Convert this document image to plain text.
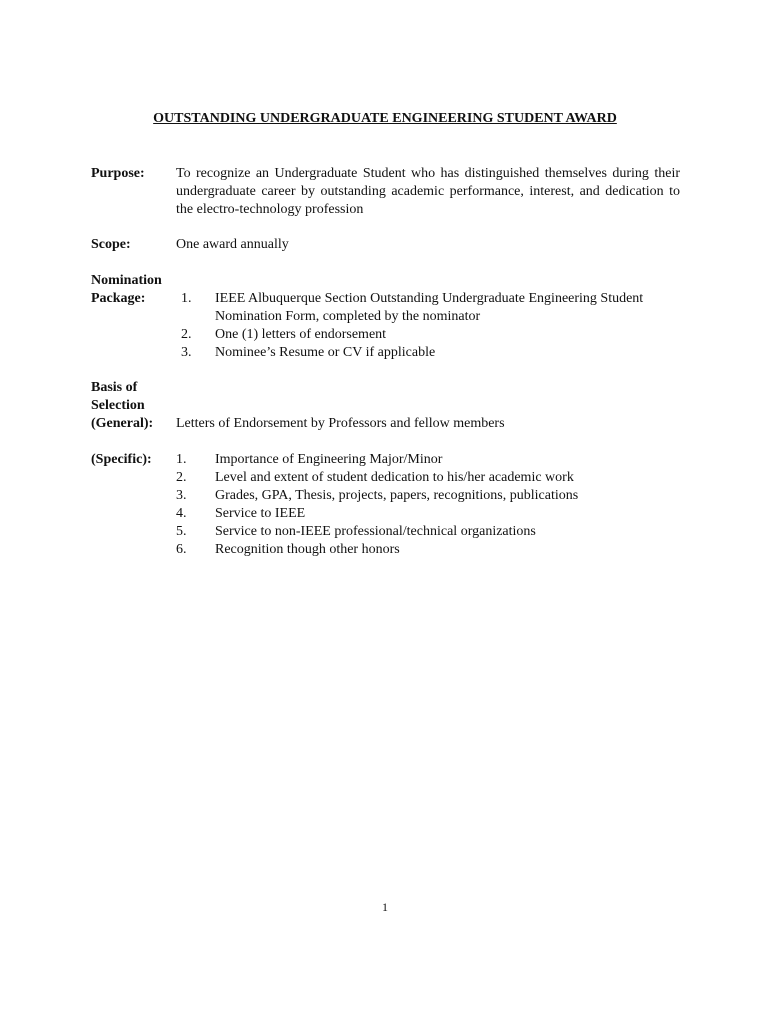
OUTSTANDING UNDERGRADUATE ENGINEERING STUDENT AWARD
Purpose: To recognize an Undergraduate Student who has distinguished themselves during their undergraduate career by outstanding academic performance, interest, and dedication to the electro-technology profession
Scope:	One award annually
Nomination
Package:	1. IEEE Albuquerque Section Outstanding Undergraduate Engineering Student Nomination Form, completed by the nominator
2. One (1) letters of endorsement
3. Nominee’s Resume or CV if applicable
Basis of
Selection
(General): Letters of Endorsement by Professors and fellow members
(Specific): 1. Importance of Engineering Major/Minor
2. Level and extent of student dedication to his/her academic work
3. Grades, GPA, Thesis, projects, papers, recognitions, publications
4. Service to IEEE
5. Service to non-IEEE professional/technical organizations
6. Recognition though other honors
1
